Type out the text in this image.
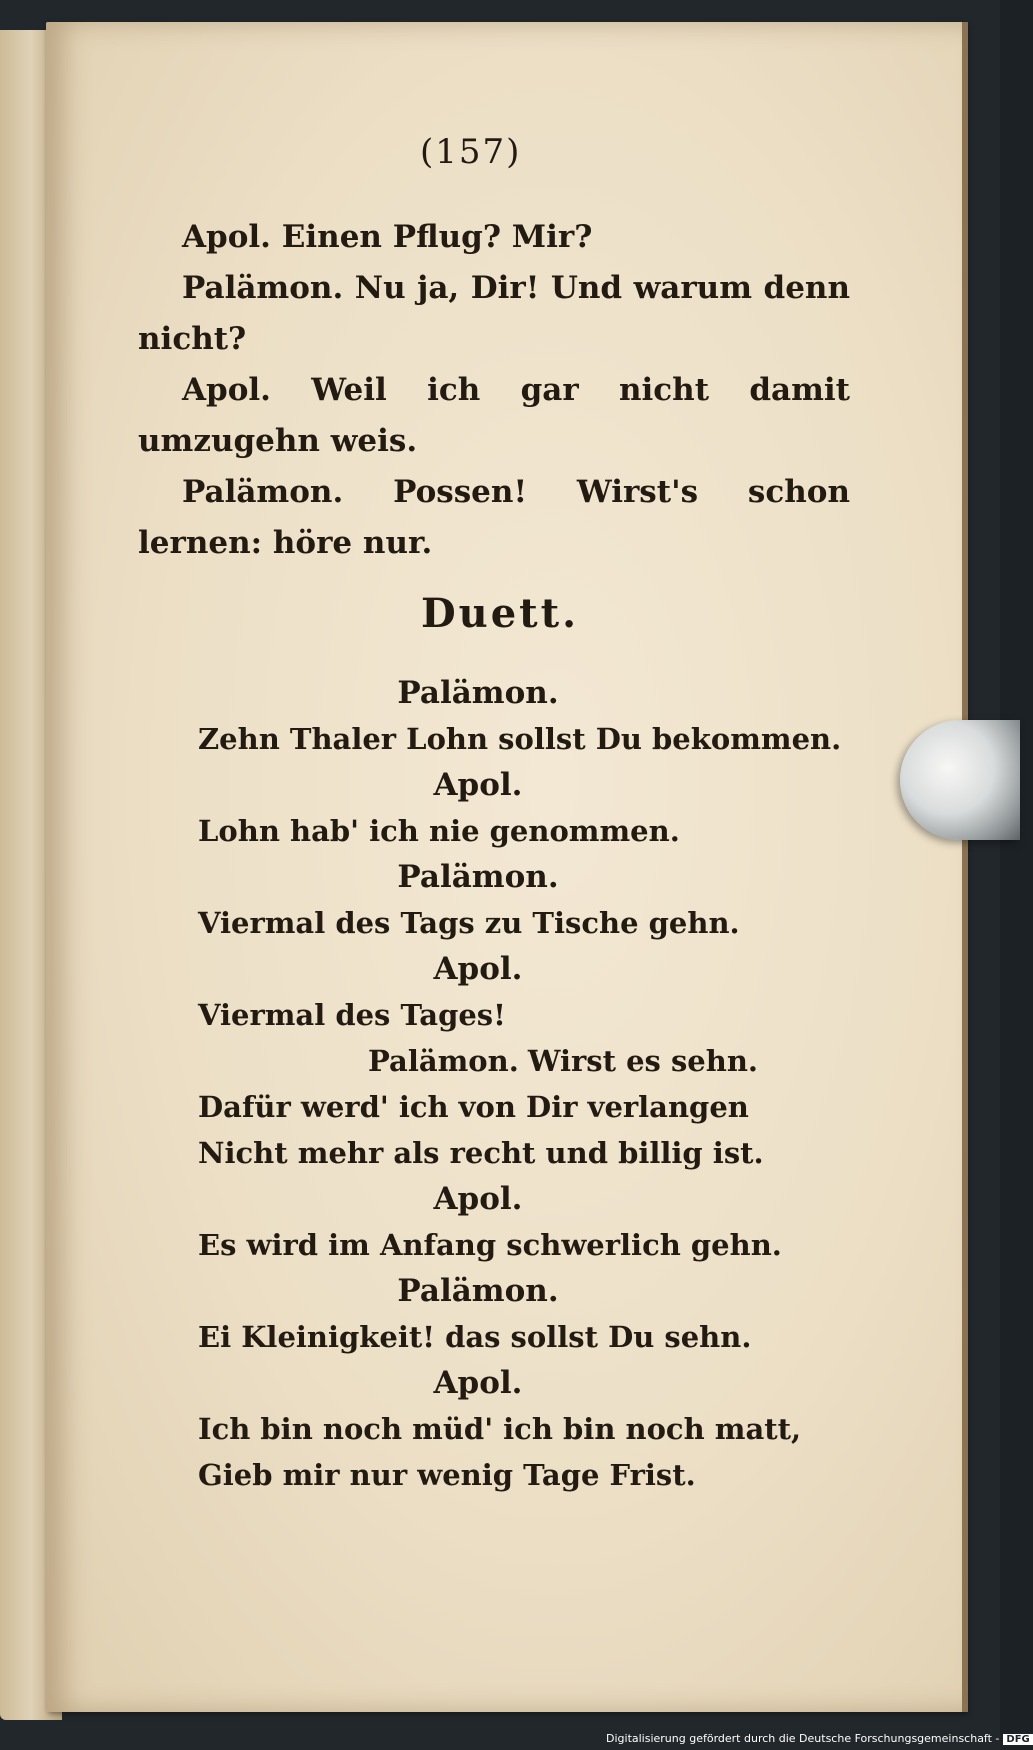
(157)

Apol. Einen Pflug? Mir?

Palämon. Nu ja, Dir! Und warum denn nicht?

Apol. Weil ich gar nicht damit umzugehn weis.

Palämon. Possen! Wirst's schon lernen: höre nur.

Duett.
Palämon.
Zehn Thaler Lohn sollst Du bekommen.
Apol.
Lohn hab' ich nie genommen.
Palämon.
Viermal des Tags zu Tische gehn.
Apol.
Viermal des Tages!
Palämon. Wirst es sehn.
Dafür werd' ich von Dir verlangen
Nicht mehr als recht und billig ist.
Apol.
Es wird im Anfang schwerlich gehn.
Palämon.
Ei Kleinigkeit! das sollst Du sehn.
Apol.
Ich bin noch müd' ich bin noch matt,
Gieb mir nur wenig Tage Frist.
Digitalisierung gefördert durch die Deutsche Forschungsgemeinschaft - DFG
